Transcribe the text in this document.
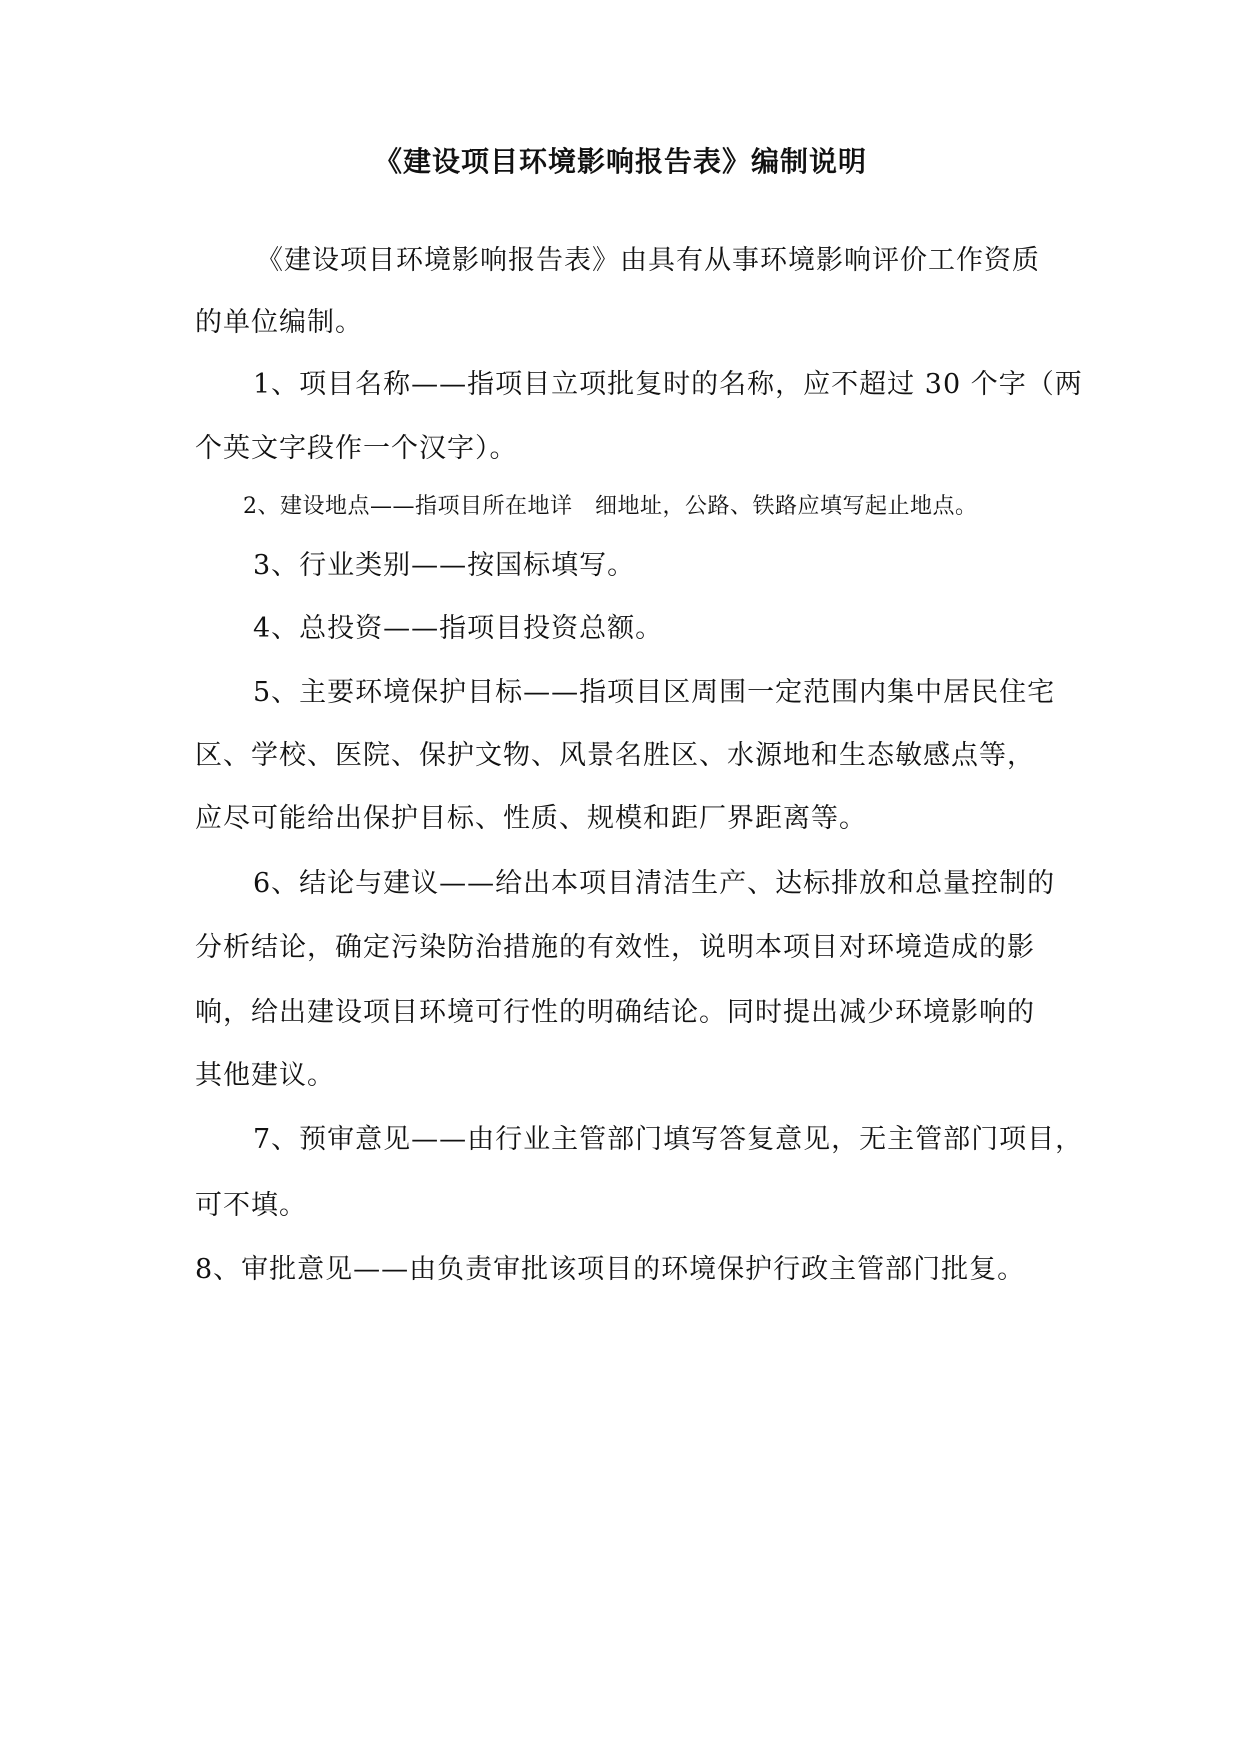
《建设项目环境影响报告表》编制说明
《建设项目环境影响报告表》由具有从事环境影响评价工作资质
的单位编制。
1、项目名称——指项目立项批复时的名称，应不超过 30 个字（两
个英文字段作一个汉字）。
2、建设地点——指项目所在地详　细地址，公路、铁路应填写起止地点。
3、行业类别——按国标填写。
4、总投资——指项目投资总额。
5、主要环境保护目标——指项目区周围一定范围内集中居民住宅
区、学校、医院、保护文物、风景名胜区、水源地和生态敏感点等，
应尽可能给出保护目标、性质、规模和距厂界距离等。
6、结论与建议——给出本项目清洁生产、达标排放和总量控制的
分析结论，确定污染防治措施的有效性，说明本项目对环境造成的影
响，给出建设项目环境可行性的明确结论。同时提出减少环境影响的
其他建议。
7、预审意见——由行业主管部门填写答复意见，无主管部门项目，
可不填。
8、审批意见——由负责审批该项目的环境保护行政主管部门批复。
